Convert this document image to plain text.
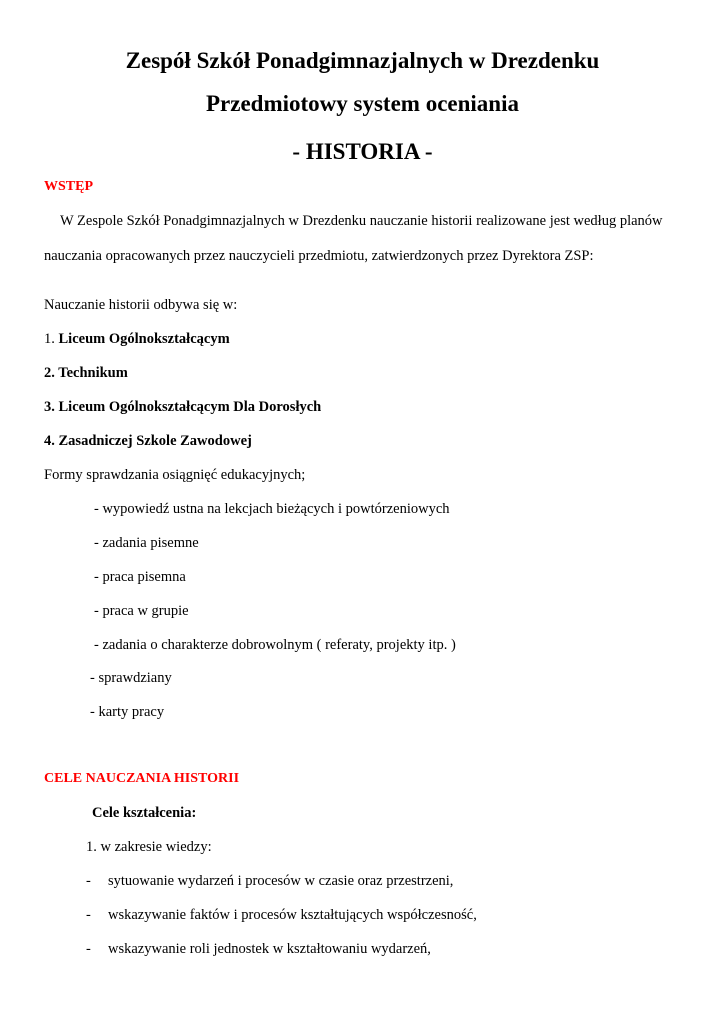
Zespół Szkół Ponadgimnazjalnych w Drezdenku
Przedmiotowy system oceniania
- HISTORIA -
WSTĘP
W Zespole Szkół Ponadgimnazjalnych w Drezdenku nauczanie historii realizowane jest według planów
nauczania opracowanych przez nauczycieli przedmiotu, zatwierdzonych przez Dyrektora ZSP:
Nauczanie historii odbywa się w:
1. Liceum Ogólnokształcącym
2. Technikum
3. Liceum Ogólnokształcącym Dla Dorosłych
4. Zasadniczej Szkole Zawodowej
Formy sprawdzania osiągnięć edukacyjnych;
- wypowiedź ustna na lekcjach bieżących i powtórzeniowych
- zadania pisemne
- praca pisemna
- praca w grupie
- zadania o charakterze dobrowolnym ( referaty, projekty itp. )
- sprawdziany
- karty pracy
CELE NAUCZANIA HISTORII
Cele kształcenia:
1. w zakresie wiedzy:
- sytuowanie wydarzeń i procesów w czasie oraz przestrzeni,
- wskazywanie faktów i procesów kształtujących współczesność,
- wskazywanie roli jednostek w kształtowaniu wydarzeń,
